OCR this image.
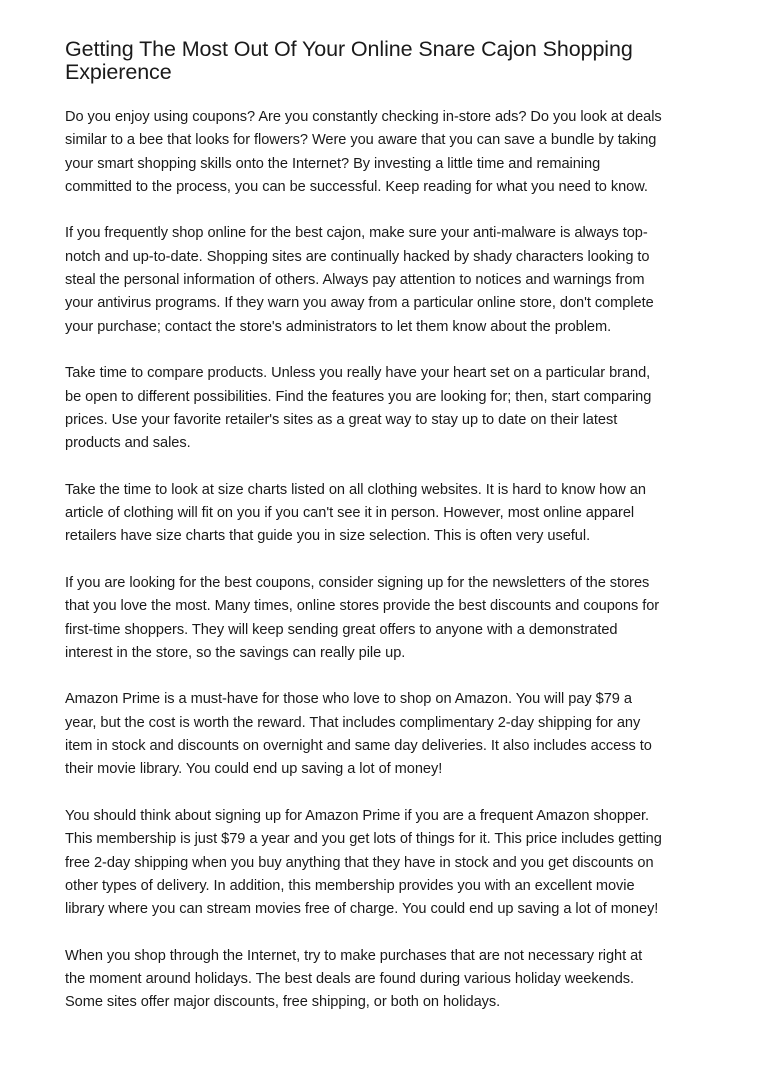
Getting The Most Out Of Your Online Snare Cajon Shopping
Expierence
Do you enjoy using coupons? Are you constantly checking in-store ads? Do you look at deals
similar to a bee that looks for flowers? Were you aware that you can save a bundle by taking
your smart shopping skills onto the Internet? By investing a little time and remaining
committed to the process, you can be successful. Keep reading for what you need to know.
If you frequently shop online for the best cajon, make sure your anti-malware is always top-
notch and up-to-date. Shopping sites are continually hacked by shady characters looking to
steal the personal information of others. Always pay attention to notices and warnings from
your antivirus programs. If they warn you away from a particular online store, don't complete
your purchase; contact the store's administrators to let them know about the problem.
Take time to compare products. Unless you really have your heart set on a particular brand,
be open to different possibilities. Find the features you are looking for; then, start comparing
prices. Use your favorite retailer's sites as a great way to stay up to date on their latest
products and sales.
Take the time to look at size charts listed on all clothing websites. It is hard to know how an
article of clothing will fit on you if you can't see it in person. However, most online apparel
retailers have size charts that guide you in size selection. This is often very useful.
If you are looking for the best coupons, consider signing up for the newsletters of the stores
that you love the most. Many times, online stores provide the best discounts and coupons for
first-time shoppers. They will keep sending great offers to anyone with a demonstrated
interest in the store, so the savings can really pile up.
Amazon Prime is a must-have for those who love to shop on Amazon. You will pay $79 a
year, but the cost is worth the reward. That includes complimentary 2-day shipping for any
item in stock and discounts on overnight and same day deliveries. It also includes access to
their movie library. You could end up saving a lot of money!
You should think about signing up for Amazon Prime if you are a frequent Amazon shopper.
This membership is just $79 a year and you get lots of things for it. This price includes getting
free 2-day shipping when you buy anything that they have in stock and you get discounts on
other types of delivery. In addition, this membership provides you with an excellent movie
library where you can stream movies free of charge. You could end up saving a lot of money!
When you shop through the Internet, try to make purchases that are not necessary right at
the moment around holidays. The best deals are found during various holiday weekends.
Some sites offer major discounts, free shipping, or both on holidays.
